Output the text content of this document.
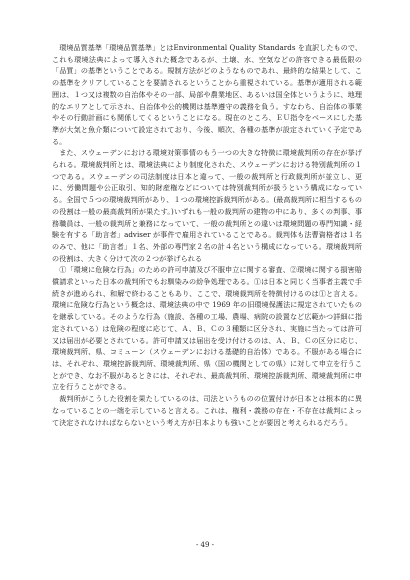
環境品質基準「環境品質基準」とはEnvironmental Quality Standards を直訳したもので、これも環境法典によって導入された概念であるが、土壌、水、空気などの許容できる最低限の「品質」の基準ということである。規制方法がどのようなものであれ、最終的な結果として、この基準をクリアしていることを要請されるということから重視されている。基準が適用される範囲は、１つ又は複数の自治体やその一部、局部や農業地区、あるいは国全体というように、地理的なエリアとして示され、自治体や公的機関は基準遵守の義務を負う。すなわち、自治体の事業やその行動計画にも関係してくるということになる。現在のところ、ＥＵ指令をベースにした基準が大気と魚介類について設定されており、今後、順次、各種の基準が設定されていく予定である。

また、スウェーデンにおける環境対策事情のもう一つの大きな特徴に環境裁判所の存在が挙げられる。環境裁判所とは、環境法典により制度化された、スウェーデンにおける特別裁判所の１つである。スウェーデンの司法制度は日本と違って、一般の裁判所と行政裁判所が並立し、更に、労働問題や公正取引、知的財産権などについては特別裁判所が扱うという構成になっている。全国で５つの環境裁判所があり、１つの環境控訴裁判所がある。(最高裁判所に相当するものの役割は一般の最高裁判所が果たす。)いずれも一般の裁判所の建物の中にあり、多くの判事、事務職員は、一般の裁判所と兼務になっていて、一般の裁判所との違いは環境問題の専門知識・経験を有する「助言者」adviser が事件で雇用されていることである。裁判体も法曹資格者は１名のみで、他に「助言者」１名、外部の専門家２名の計４名という構成になっている。環境裁判所の役割は、大きく分けて次の２つが挙げられる

①「環境に危険な行為」のための許可申請及び不服申立に関する審査、②環境に関する損害賠償請求といった日本の裁判所でもお馴染みの紛争処理である。①は日本と同じく当事者主義で手続きが進められ、和解で終わることもあり、ここで、環境裁判所を特徴付けるのは①と言える。環境に危険な行為という概念は、環境法典の中で 1969 年の旧環境保護法に規定されていたものを継承している。そのような行為（施設、各種の工場、農場、病院の設置など広範かつ詳細に指定されている）は危険の程度に応じて、Ａ、Ｂ、Ｃの３種類に区分され、実施に当たっては許可又は届出が必要とされている。許可申請又は届出を受け付けるのは、Ａ、Ｂ、Ｃの区分に応じ、環境裁判所、県、コミューン（スウェーデンにおける基礎的自治体）である。不服がある場合には、それぞれ、環境控訴裁判所、環境裁判所、県（国の機関としての県）に対して申立を行うことができ、なお不服があるときには、それぞれ、最高裁判所、環境控訴裁判所、環境裁判所に申立を行うことができる。

裁判所がこうした役割を果たしているのは、司法というものの位置付けが日本とは根本的に異なっていることの一端を示していると言える。これは、権利・義務の存在・不存在は裁判によって決定されなければならないという考え方が日本よりも強いことが要因と考えられるだろう。

- 49 -
